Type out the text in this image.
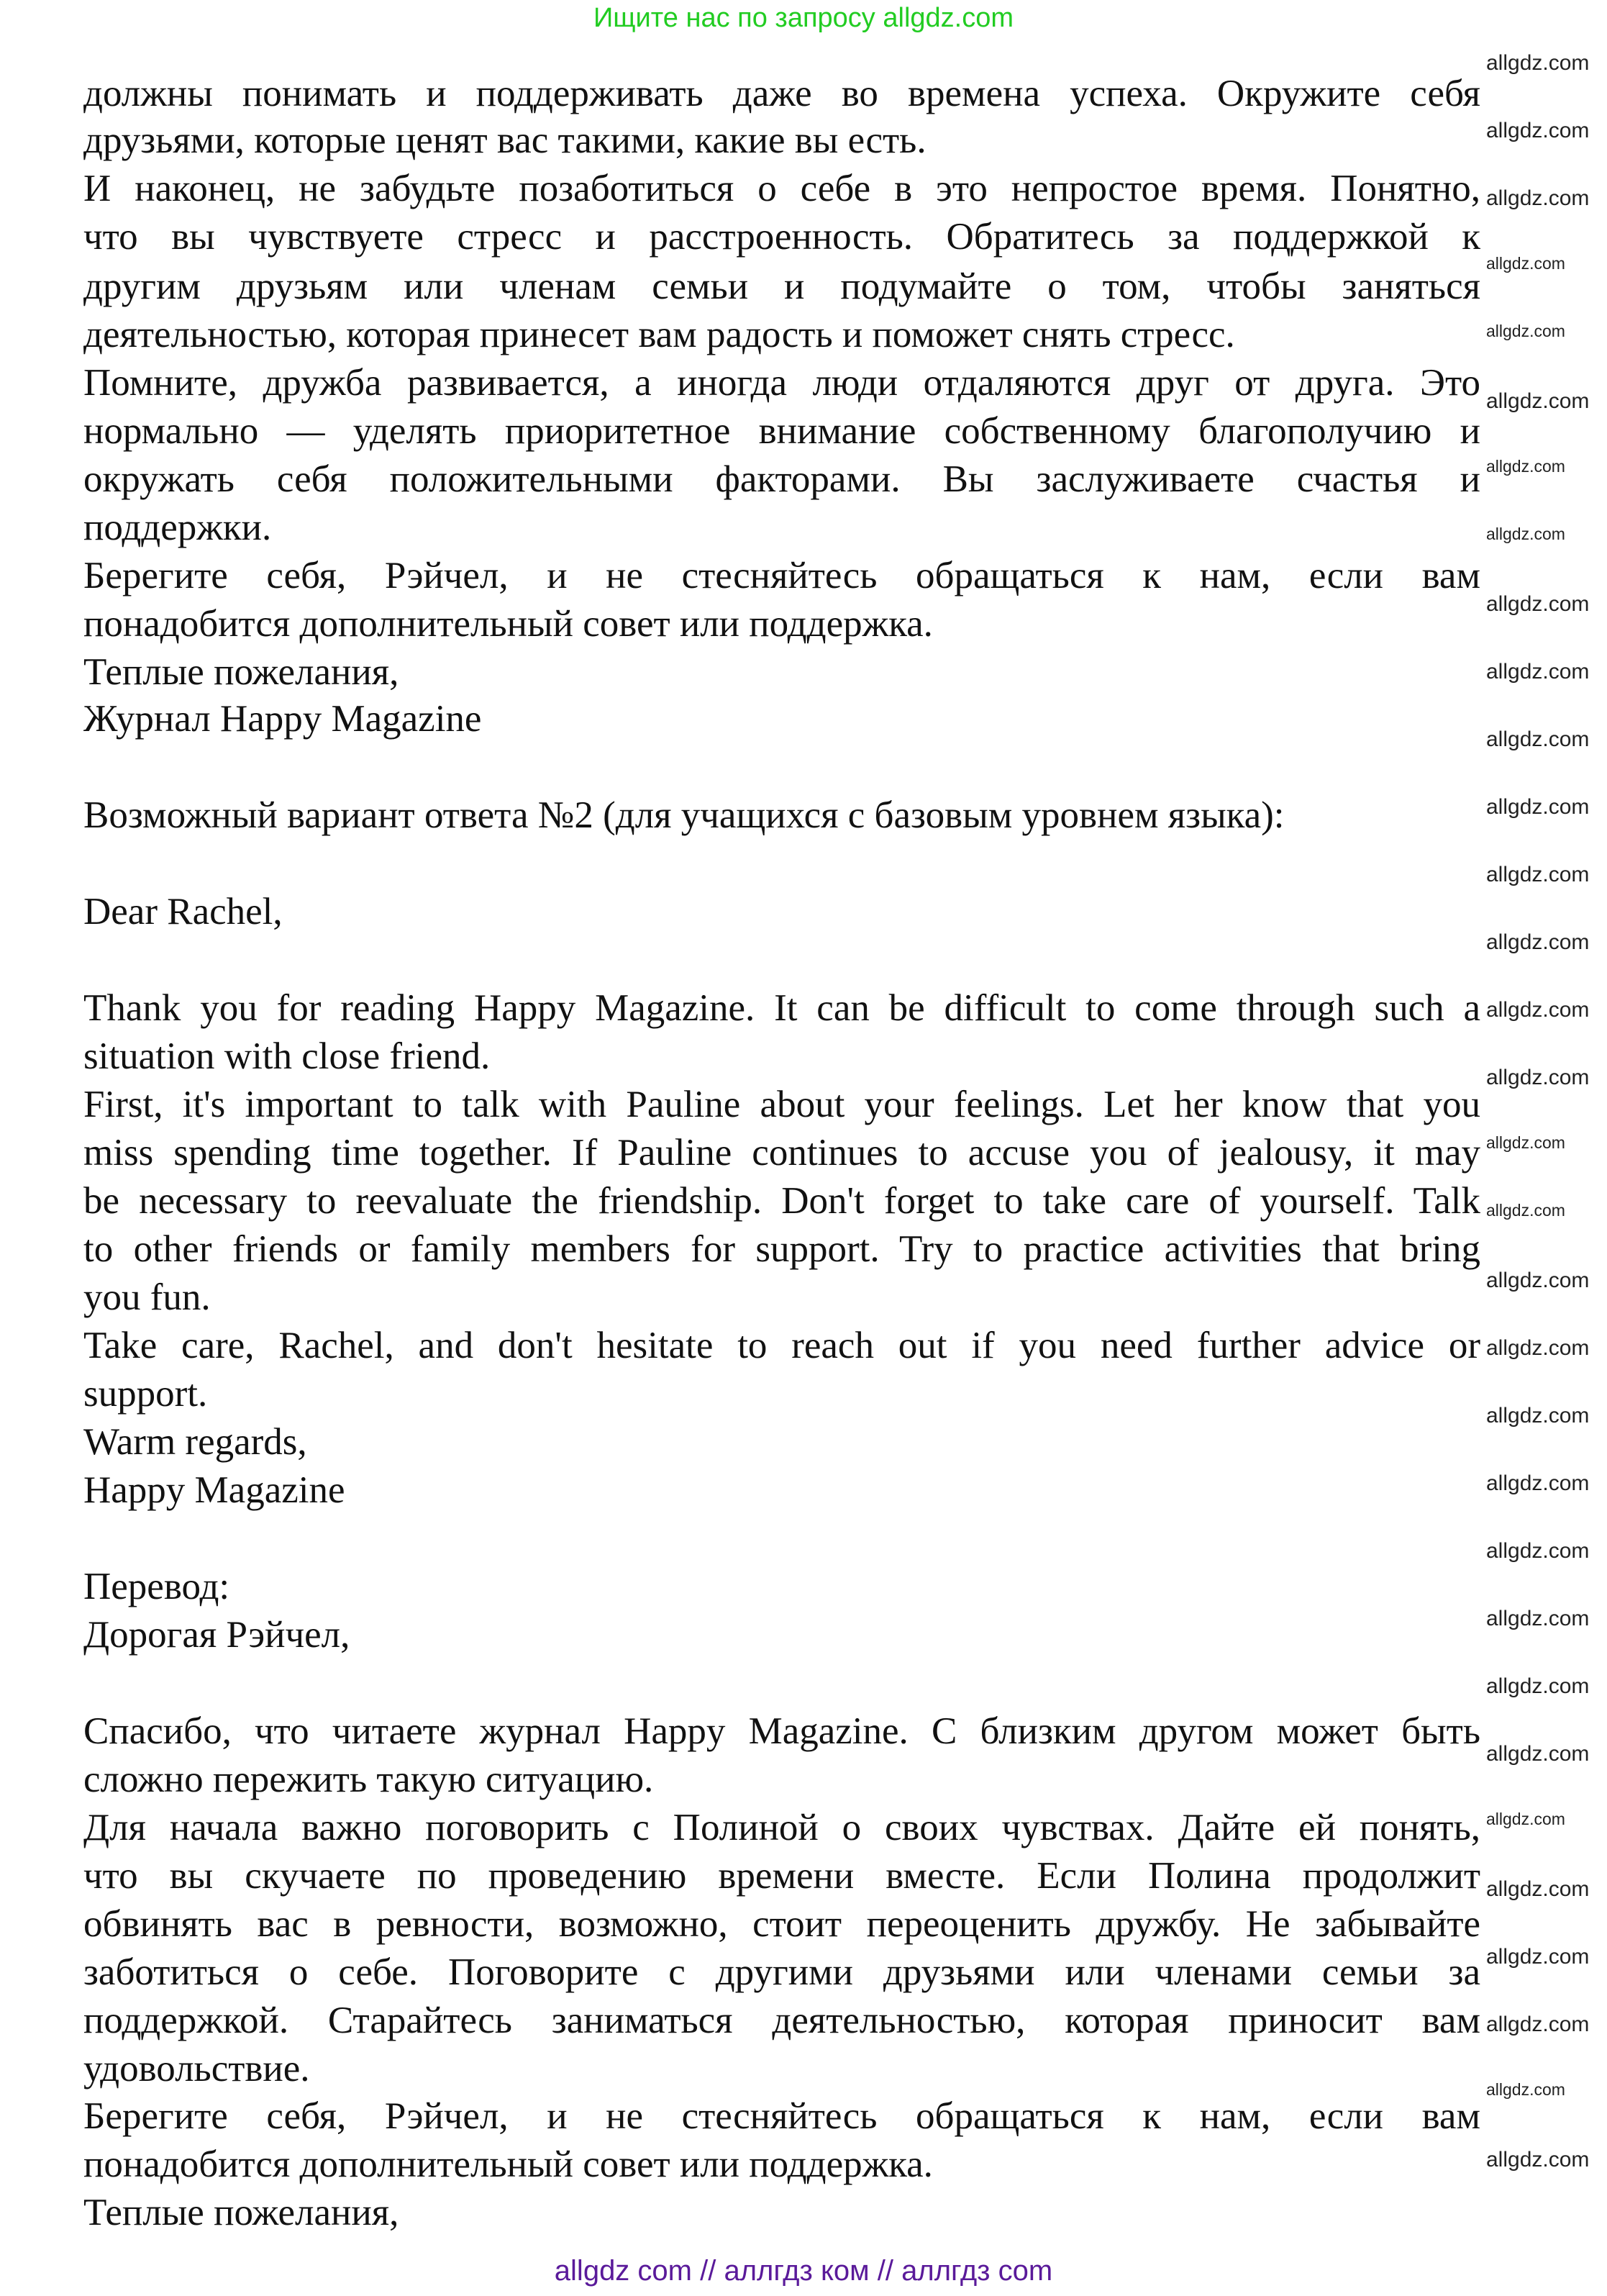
Ищите нас по запросу allgdz.com
должны понимать и поддерживать даже во времена успеха. Окружите себя
друзьями, которые ценят вас такими, какие вы есть.
И наконец, не забудьте позаботиться о себе в это непростое время. Понятно,
что вы чувствуете стресс и расстроенность. Обратитесь за поддержкой к
другим друзьям или членам семьи и подумайте о том, чтобы заняться
деятельностью, которая принесет вам радость и поможет снять стресс.
Помните, дружба развивается, а иногда люди отдаляются друг от друга. Это
нормально — уделять приоритетное внимание собственному благополучию и
окружать себя положительными факторами. Вы заслуживаете счастья и
поддержки.
Берегите себя, Рэйчел, и не стесняйтесь обращаться к нам, если вам
понадобится дополнительный совет или поддержка.
Теплые пожелания,
Журнал Happy Magazine
Возможный вариант ответа №2 (для учащихся с базовым уровнем языка):
Dear Rachel,
Thank you for reading Happy Magazine. It can be difficult to come through such a
situation with close friend.
First, it's important to talk with Pauline about your feelings. Let her know that you
miss spending time together. If Pauline continues to accuse you of jealousy, it may
be necessary to reevaluate the friendship. Don't forget to take care of yourself. Talk
to other friends or family members for support. Try to practice activities that bring
you fun.
Take care, Rachel, and don't hesitate to reach out if you need further advice or
support.
Warm regards,
Happy Magazine
Перевод:
Дорогая Рэйчел,
Спасибо, что читаете журнал Happy Magazine. С близким другом может быть
сложно пережить такую ситуацию.
Для начала важно поговорить с Полиной о своих чувствах. Дайте ей понять,
что вы скучаете по проведению времени вместе. Если Полина продолжит
обвинять вас в ревности, возможно, стоит переоценить дружбу. Не забывайте
заботиться о себе. Поговорите с другими друзьями или членами семьи за
поддержкой. Старайтесь заниматься деятельностью, которая приносит вам
удовольствие.
Берегите себя, Рэйчел, и не стесняйтесь обращаться к нам, если вам
понадобится дополнительный совет или поддержка.
Теплые пожелания,
allgdz.com
allgdz.com
allgdz.com
allgdz.com
allgdz.com
allgdz.com
allgdz.com
allgdz.com
allgdz.com
allgdz.com
allgdz.com
allgdz.com
allgdz.com
allgdz.com
allgdz.com
allgdz.com
allgdz.com
allgdz.com
allgdz.com
allgdz.com
allgdz.com
allgdz.com
allgdz.com
allgdz.com
allgdz.com
allgdz.com
allgdz.com
allgdz.com
allgdz.com
allgdz.com
allgdz.com
allgdz.com
allgdz com // аллгдз ком // аллгдз com
